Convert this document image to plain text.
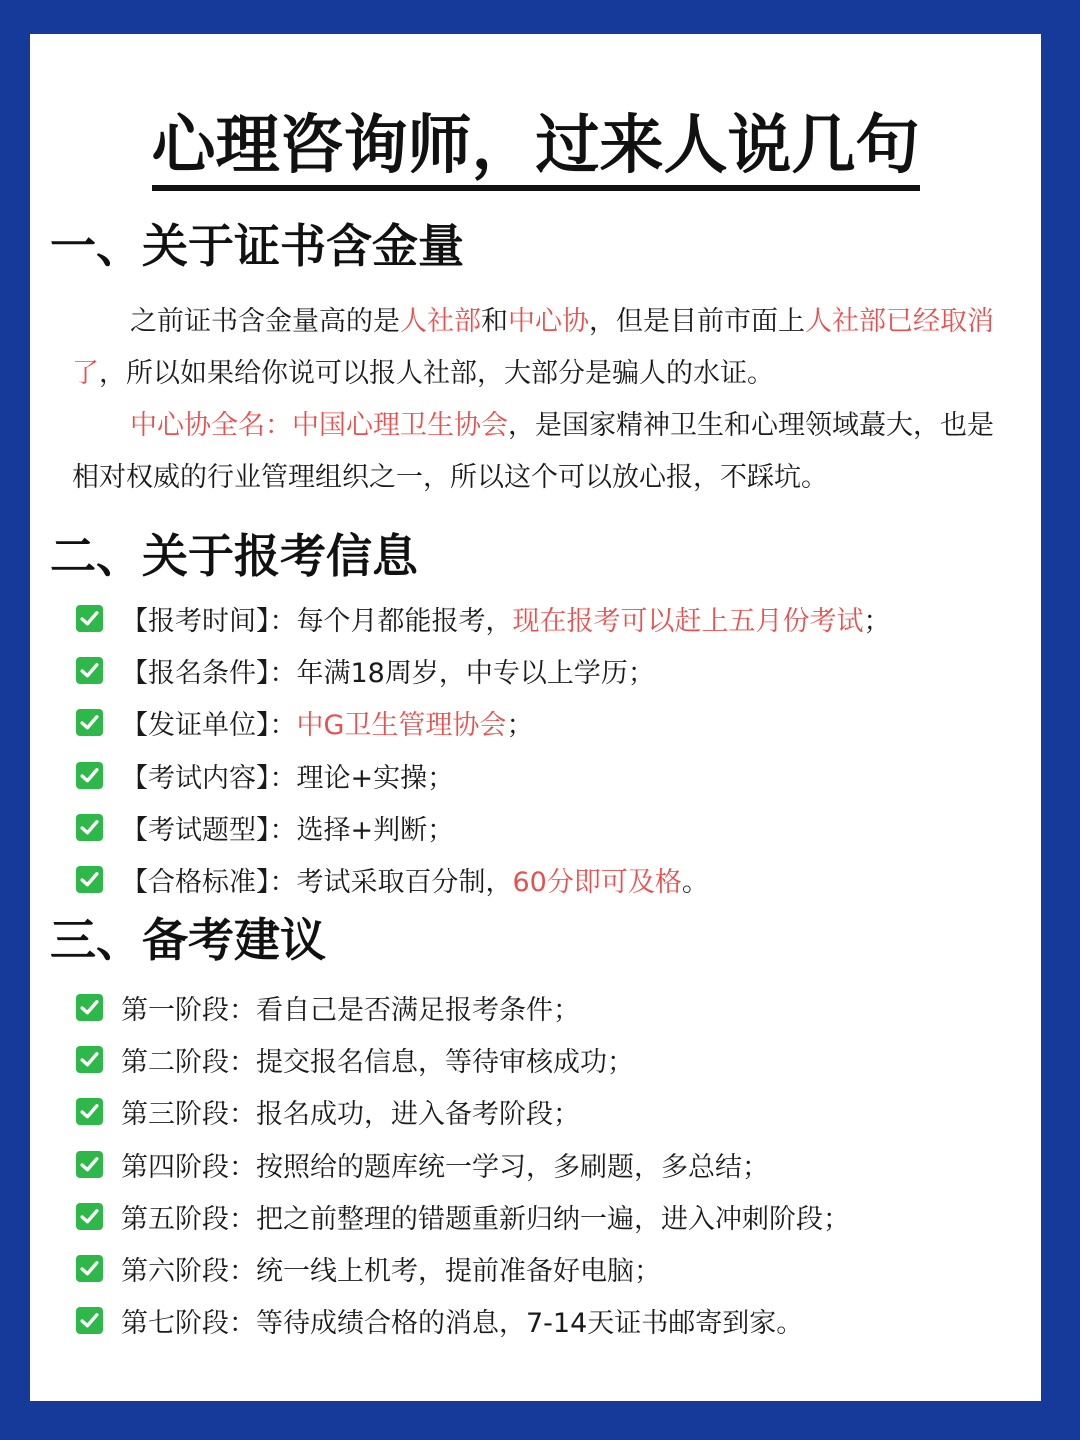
心理咨询师，过来人说几句
一、关于证书含金量
之前证书含金量高的是人社部和中心协，但是目前市面上人社部已经取消了，所以如果给你说可以报人社部，大部分是骗人的水证。
中心协全名：中国心理卫生协会，是国家精神卫生和心理领域蕞大，也是相对权威的行业管理组织之一，所以这个可以放心报，不踩坑。
二、关于报考信息
【报考时间】： 每个月都能报考， 现在报考可以赶上五月份考试 ；
【报名条件】： 年满18周岁，中专以上学历；
【发证单位】： 中G卫生管理协会 ；
【考试内容】： 理论+实操；
【考试题型】： 选择+判断；
【合格标准】： 考试采取百分制， 60分即可及格 。
三、备考建议
第一阶段：看自己是否满足报考条件；
第二阶段：提交报名信息，等待审核成功；
第三阶段：报名成功，进入备考阶段；
第四阶段：按照给的题库统一学习，多刷题，多总结；
第五阶段：把之前整理的错题重新归纳一遍，进入冲刺阶段；
第六阶段：统一线上机考，提前准备好电脑；
第七阶段：等待成绩合格的消息，7-14天证书邮寄到家。
